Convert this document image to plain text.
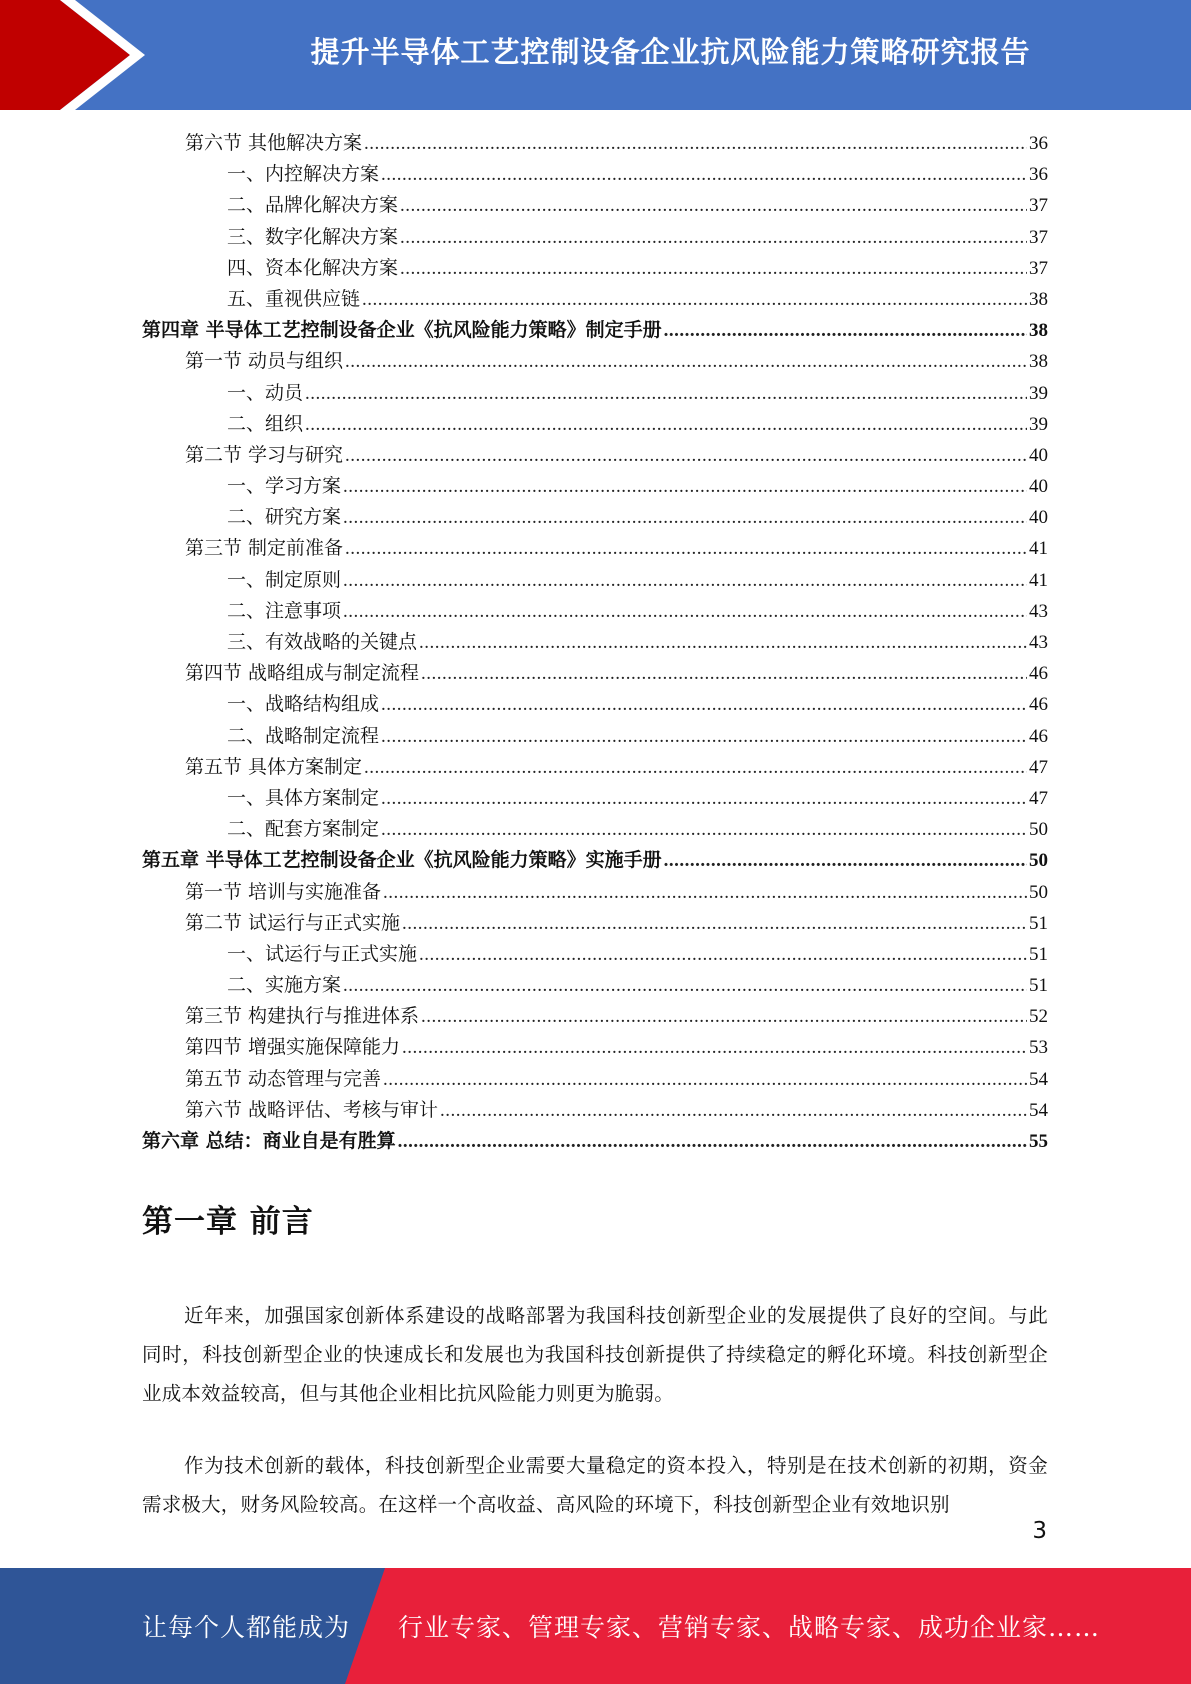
提升半导体工艺控制设备企业抗风险能力策略研究报告
第六节 其他解决方案 .....	36
一、内控解决方案 .....	36
二、品牌化解决方案 .....	37
三、数字化解决方案 .....	37
四、资本化解决方案 .....	37
五、重视供应链 .....	38
第四章 半导体工艺控制设备企业《抗风险能力策略》制定手册 .....	38
第一节 动员与组织 .....	38
一、动员 .....	39
二、组织 .....	39
第二节 学习与研究 .....	40
一、学习方案 .....	40
二、研究方案 .....	40
第三节 制定前准备 .....	41
一、制定原则 .....	41
二、注意事项 .....	43
三、有效战略的关键点 .....	43
第四节 战略组成与制定流程 .....	46
一、战略结构组成 .....	46
二、战略制定流程 .....	46
第五节 具体方案制定 .....	47
一、具体方案制定 .....	47
二、配套方案制定 .....	50
第五章 半导体工艺控制设备企业《抗风险能力策略》实施手册 .....	50
第一节 培训与实施准备 .....	50
第二节 试运行与正式实施 .....	51
一、试运行与正式实施 .....	51
二、实施方案 .....	51
第三节 构建执行与推进体系 .....	52
第四节 增强实施保障能力 .....	53
第五节 动态管理与完善 .....	54
第六节 战略评估、考核与审计 .....	54
第六章 总结：商业自是有胜算 .....	55
第一章 前言
近年来，加强国家创新体系建设的战略部署为我国科技创新型企业的发展提供了良好的空间。与此同时，科技创新型企业的快速成长和发展也为我国科技创新提供了持续稳定的孵化环境。科技创新型企业成本效益较高，但与其他企业相比抗风险能力则更为脆弱。
作为技术创新的载体，科技创新型企业需要大量稳定的资本投入，特别是在技术创新的初期，资金需求极大，财务风险较高。在这样一个高收益、高风险的环境下，科技创新型企业有效地识别
3
让每个人都能成为 行业专家、管理专家、营销专家、战略专家、成功企业家……
